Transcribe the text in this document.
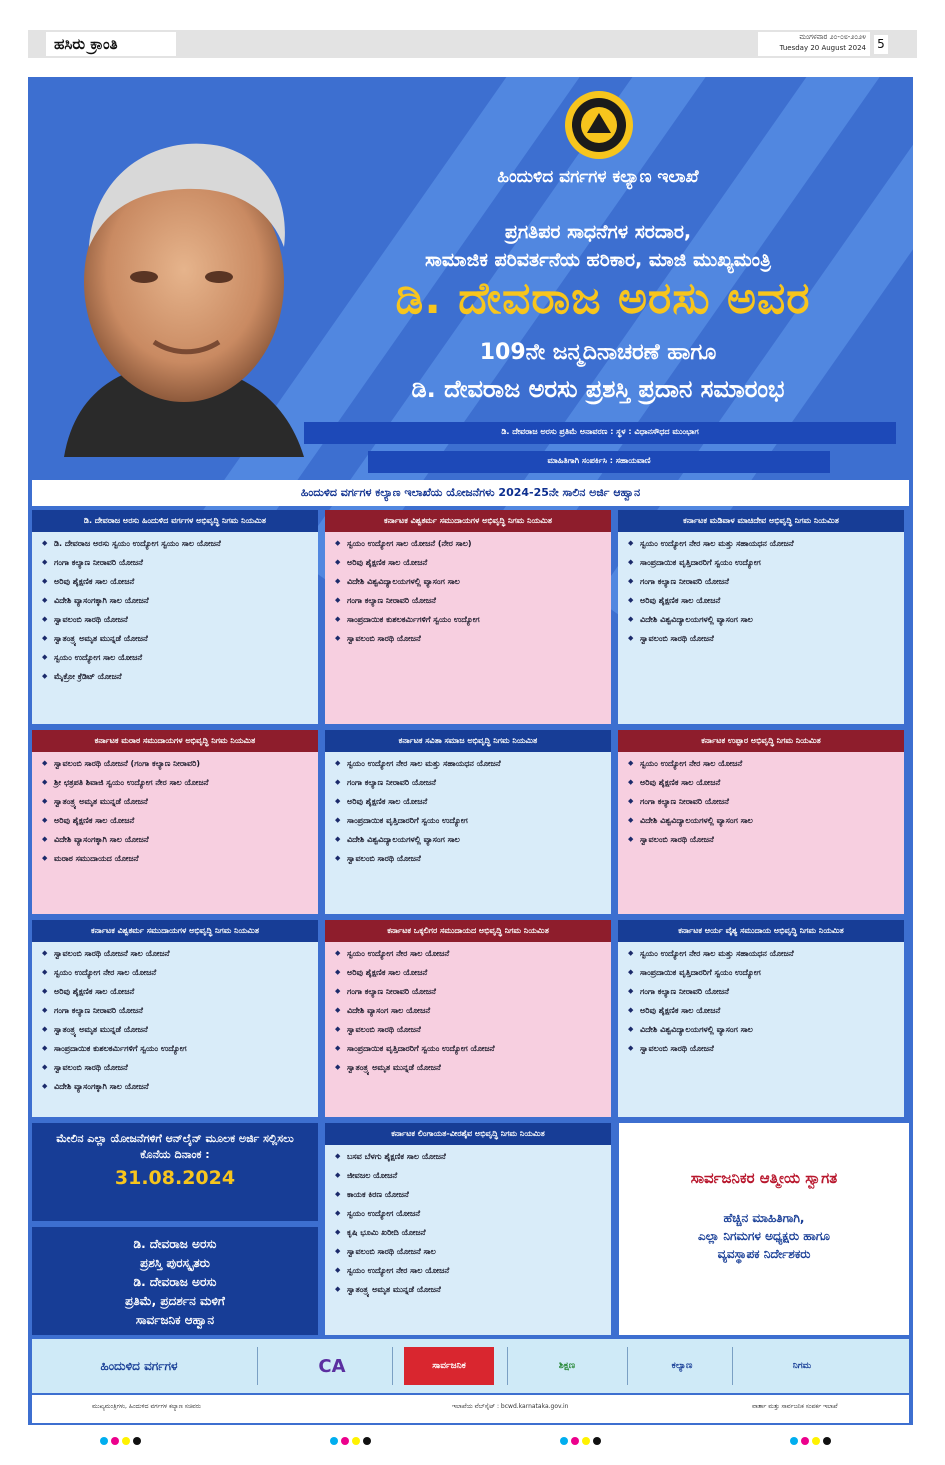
ಹಸಿರು ಕ್ರಾಂತಿ	ಮಂಗಳವಾರ ೨೦-೦೮-೨೦೨೪
Tuesday 20 August 2024 5
ಹಿಂದುಳಿದ ವರ್ಗಗಳ ಕಲ್ಯಾಣ ಇಲಾಖೆ
ಪ್ರಗತಿಪರ ಸಾಧನೆಗಳ ಸರದಾರ,
ಸಾಮಾಜಿಕ ಪರಿವರ್ತನೆಯ ಹರಿಕಾರ, ಮಾಜಿ ಮುಖ್ಯಮಂತ್ರಿ
ಡಿ. ದೇವರಾಜ ಅರಸು ಅವರ
109ನೇ ಜನ್ಮದಿನಾಚರಣೆ ಹಾಗೂ
ಡಿ. ದೇವರಾಜ ಅರಸು ಪ್ರಶಸ್ತಿ ಪ್ರದಾನ ಸಮಾರಂಭ
ಡಿ. ದೇವರಾಜ ಅರಸು ಪ್ರತಿಮೆ ಅನಾವರಣ : ಸ್ಥಳ : ವಿಧಾನಸೌಧದ ಮುಂಭಾಗ
ಮಾಹಿತಿಗಾಗಿ ಸಂಪರ್ಕಿಸಿ : ಸಹಾಯವಾಣಿ
ಹಿಂದುಳಿದ ವರ್ಗಗಳ ಕಲ್ಯಾಣ ಇಲಾಖೆಯ ಯೋಜನೆಗಳು 2024-25ನೇ ಸಾಲಿನ ಅರ್ಜಿ ಆಹ್ವಾನ
ಡಿ. ದೇವರಾಜ ಅರಸು ಹಿಂದುಳಿದ ವರ್ಗಗಳ ಅಭಿವೃದ್ಧಿ ನಿಗಮ ನಿಯಮಿತ
◆ ಡಿ. ದೇವರಾಜ ಅರಸು ಸ್ವಯಂ ಉದ್ಯೋಗ ಸ್ವಯಂ ಸಾಲ ಯೋಜನೆ
◆ ಗಂಗಾ ಕಲ್ಯಾಣ ನೀರಾವರಿ ಯೋಜನೆ
◆ ಅರಿವು ಶೈಕ್ಷಣಿಕ ಸಾಲ ಯೋಜನೆ
◆ ವಿದೇಶಿ ವ್ಯಾಸಂಗಕ್ಕಾಗಿ ಸಾಲ ಯೋಜನೆ
◆ ಸ್ವಾವಲಂಬಿ ಸಾರಥಿ ಯೋಜನೆ
◆ ಸ್ವಾತಂತ್ರ್ಯ ಅಮೃತ ಮುನ್ನಡೆ ಯೋಜನೆ
◆ ಸ್ವಯಂ ಉದ್ಯೋಗ ಸಾಲ ಯೋಜನೆ
◆ ಮೈಕ್ರೋ ಕ್ರೆಡಿಟ್ ಯೋಜನೆ
ಕರ್ನಾಟಕ ವಿಶ್ವಕರ್ಮ ಸಮುದಾಯಗಳ ಅಭಿವೃದ್ಧಿ ನಿಗಮ ನಿಯಮಿತ
◆ ಸ್ವಯಂ ಉದ್ಯೋಗ ಸಾಲ ಯೋಜನೆ (ನೇರ ಸಾಲ)
◆ ಅರಿವು ಶೈಕ್ಷಣಿಕ ಸಾಲ ಯೋಜನೆ
◆ ವಿದೇಶಿ ವಿಶ್ವವಿದ್ಯಾಲಯಗಳಲ್ಲಿ ವ್ಯಾಸಂಗ ಸಾಲ
◆ ಗಂಗಾ ಕಲ್ಯಾಣ ನೀರಾವರಿ ಯೋಜನೆ
◆ ಸಾಂಪ್ರದಾಯಿಕ ಕುಶಲಕರ್ಮಿಗಳಿಗೆ ಸ್ವಯಂ ಉದ್ಯೋಗ
◆ ಸ್ವಾವಲಂಬಿ ಸಾರಥಿ ಯೋಜನೆ
ಕರ್ನಾಟಕ ಮಡಿವಾಳ ಮಾಚಿದೇವ ಅಭಿವೃದ್ಧಿ ನಿಗಮ ನಿಯಮಿತ
◆ ಸ್ವಯಂ ಉದ್ಯೋಗ ನೇರ ಸಾಲ ಮತ್ತು ಸಹಾಯಧನ ಯೋಜನೆ
◆ ಸಾಂಪ್ರದಾಯಿಕ ವೃತ್ತಿದಾರರಿಗೆ ಸ್ವಯಂ ಉದ್ಯೋಗ
◆ ಗಂಗಾ ಕಲ್ಯಾಣ ನೀರಾವರಿ ಯೋಜನೆ
◆ ಅರಿವು ಶೈಕ್ಷಣಿಕ ಸಾಲ ಯೋಜನೆ
◆ ವಿದೇಶಿ ವಿಶ್ವವಿದ್ಯಾಲಯಗಳಲ್ಲಿ ವ್ಯಾಸಂಗ ಸಾಲ
◆ ಸ್ವಾವಲಂಬಿ ಸಾರಥಿ ಯೋಜನೆ
ಕರ್ನಾಟಕ ಮರಾಠ ಸಮುದಾಯಗಳ ಅಭಿವೃದ್ಧಿ ನಿಗಮ ನಿಯಮಿತ
◆ ಸ್ವಾವಲಂಬಿ ಸಾರಥಿ ಯೋಜನೆ (ಗಂಗಾ ಕಲ್ಯಾಣ ನೀರಾವರಿ)
◆ ಶ್ರೀ ಛತ್ರಪತಿ ಶಿವಾಜಿ ಸ್ವಯಂ ಉದ್ಯೋಗ ನೇರ ಸಾಲ ಯೋಜನೆ
◆ ಸ್ವಾತಂತ್ರ್ಯ ಅಮೃತ ಮುನ್ನಡೆ ಯೋಜನೆ
◆ ಅರಿವು ಶೈಕ್ಷಣಿಕ ಸಾಲ ಯೋಜನೆ
◆ ವಿದೇಶಿ ವ್ಯಾಸಂಗಕ್ಕಾಗಿ ಸಾಲ ಯೋಜನೆ
◆ ಮರಾಠ ಸಮುದಾಯದ ಯೋಜನೆ
ಕರ್ನಾಟಕ ಸವಿತಾ ಸಮಾಜ ಅಭಿವೃದ್ಧಿ ನಿಗಮ ನಿಯಮಿತ
◆ ಸ್ವಯಂ ಉದ್ಯೋಗ ನೇರ ಸಾಲ ಮತ್ತು ಸಹಾಯಧನ ಯೋಜನೆ
◆ ಗಂಗಾ ಕಲ್ಯಾಣ ನೀರಾವರಿ ಯೋಜನೆ
◆ ಅರಿವು ಶೈಕ್ಷಣಿಕ ಸಾಲ ಯೋಜನೆ
◆ ಸಾಂಪ್ರದಾಯಿಕ ವೃತ್ತಿದಾರರಿಗೆ ಸ್ವಯಂ ಉದ್ಯೋಗ
◆ ವಿದೇಶಿ ವಿಶ್ವವಿದ್ಯಾಲಯಗಳಲ್ಲಿ ವ್ಯಾಸಂಗ ಸಾಲ
◆ ಸ್ವಾವಲಂಬಿ ಸಾರಥಿ ಯೋಜನೆ
ಕರ್ನಾಟಕ ಉಪ್ಪಾರ ಅಭಿವೃದ್ಧಿ ನಿಗಮ ನಿಯಮಿತ
◆ ಸ್ವಯಂ ಉದ್ಯೋಗ ನೇರ ಸಾಲ ಯೋಜನೆ
◆ ಅರಿವು ಶೈಕ್ಷಣಿಕ ಸಾಲ ಯೋಜನೆ
◆ ಗಂಗಾ ಕಲ್ಯಾಣ ನೀರಾವರಿ ಯೋಜನೆ
◆ ವಿದೇಶಿ ವಿಶ್ವವಿದ್ಯಾಲಯಗಳಲ್ಲಿ ವ್ಯಾಸಂಗ ಸಾಲ
◆ ಸ್ವಾವಲಂಬಿ ಸಾರಥಿ ಯೋಜನೆ
ಕರ್ನಾಟಕ ವಿಶ್ವಕರ್ಮ ಸಮುದಾಯಗಳ ಅಭಿವೃದ್ಧಿ ನಿಗಮ ನಿಯಮಿತ
◆ ಸ್ವಾವಲಂಬಿ ಸಾರಥಿ ಯೋಜನೆ ಸಾಲ ಯೋಜನೆ
◆ ಸ್ವಯಂ ಉದ್ಯೋಗ ನೇರ ಸಾಲ ಯೋಜನೆ
◆ ಅರಿವು ಶೈಕ್ಷಣಿಕ ಸಾಲ ಯೋಜನೆ
◆ ಗಂಗಾ ಕಲ್ಯಾಣ ನೀರಾವರಿ ಯೋಜನೆ
◆ ಸ್ವಾತಂತ್ರ್ಯ ಅಮೃತ ಮುನ್ನಡೆ ಯೋಜನೆ
◆ ಸಾಂಪ್ರದಾಯಿಕ ಕುಶಲಕರ್ಮಿಗಳಿಗೆ ಸ್ವಯಂ ಉದ್ಯೋಗ
◆ ಸ್ವಾವಲಂಬಿ ಸಾರಥಿ ಯೋಜನೆ
◆ ವಿದೇಶಿ ವ್ಯಾಸಂಗಕ್ಕಾಗಿ ಸಾಲ ಯೋಜನೆ
ಕರ್ನಾಟಕ ಒಕ್ಕಲಿಗರ ಸಮುದಾಯದ ಅಭಿವೃದ್ಧಿ ನಿಗಮ ನಿಯಮಿತ
◆ ಸ್ವಯಂ ಉದ್ಯೋಗ ನೇರ ಸಾಲ ಯೋಜನೆ
◆ ಅರಿವು ಶೈಕ್ಷಣಿಕ ಸಾಲ ಯೋಜನೆ
◆ ಗಂಗಾ ಕಲ್ಯಾಣ ನೀರಾವರಿ ಯೋಜನೆ
◆ ವಿದೇಶಿ ವ್ಯಾಸಂಗ ಸಾಲ ಯೋಜನೆ
◆ ಸ್ವಾವಲಂಬಿ ಸಾರಥಿ ಯೋಜನೆ
◆ ಸಾಂಪ್ರದಾಯಿಕ ವೃತ್ತಿದಾರರಿಗೆ ಸ್ವಯಂ ಉದ್ಯೋಗ ಯೋಜನೆ
◆ ಸ್ವಾತಂತ್ರ್ಯ ಅಮೃತ ಮುನ್ನಡೆ ಯೋಜನೆ
ಕರ್ನಾಟಕ ಆರ್ಯ ವೈಶ್ಯ ಸಮುದಾಯ ಅಭಿವೃದ್ಧಿ ನಿಗಮ ನಿಯಮಿತ
◆ ಸ್ವಯಂ ಉದ್ಯೋಗ ನೇರ ಸಾಲ ಮತ್ತು ಸಹಾಯಧನ ಯೋಜನೆ
◆ ಸಾಂಪ್ರದಾಯಿಕ ವೃತ್ತಿದಾರರಿಗೆ ಸ್ವಯಂ ಉದ್ಯೋಗ
◆ ಗಂಗಾ ಕಲ್ಯಾಣ ನೀರಾವರಿ ಯೋಜನೆ
◆ ಅರಿವು ಶೈಕ್ಷಣಿಕ ಸಾಲ ಯೋಜನೆ
◆ ವಿದೇಶಿ ವಿಶ್ವವಿದ್ಯಾಲಯಗಳಲ್ಲಿ ವ್ಯಾಸಂಗ ಸಾಲ
◆ ಸ್ವಾವಲಂಬಿ ಸಾರಥಿ ಯೋಜನೆ
ಮೇಲಿನ ಎಲ್ಲಾ ಯೋಜನೆಗಳಿಗೆ ಆನ್‌ಲೈನ್ ಮೂಲಕ ಅರ್ಜಿ ಸಲ್ಲಿಸಲು ಕೊನೆಯ ದಿನಾಂಕ :
31.08.2024
ಡಿ. ದೇವರಾಜ ಅರಸು
ಪ್ರಶಸ್ತಿ ಪುರಸ್ಕೃತರು
ಡಿ. ದೇವರಾಜ ಅರಸು
ಪ್ರತಿಮೆ, ಪ್ರದರ್ಶನ ಮಳಿಗೆ
ಸಾರ್ವಜನಿಕ ಆಹ್ವಾನ
ಕರ್ನಾಟಕ ಲಿಂಗಾಯತ-ವೀರಶೈವ ಅಭಿವೃದ್ಧಿ ನಿಗಮ ನಿಯಮಿತ
◆ ಬಸವ ಬೆಳಗು ಶೈಕ್ಷಣಿಕ ಸಾಲ ಯೋಜನೆ
◆ ಜೀವಜಲ ಯೋಜನೆ
◆ ಕಾಯಕ ಕಿರಣ ಯೋಜನೆ
◆ ಸ್ವಯಂ ಉದ್ಯೋಗ ಯೋಜನೆ
◆ ಕೃಷಿ ಭೂಮಿ ಖರೀದಿ ಯೋಜನೆ
◆ ಸ್ವಾವಲಂಬಿ ಸಾರಥಿ ಯೋಜನೆ ಸಾಲ
◆ ಸ್ವಯಂ ಉದ್ಯೋಗ ನೇರ ಸಾಲ ಯೋಜನೆ
◆ ಸ್ವಾತಂತ್ರ್ಯ ಅಮೃತ ಮುನ್ನಡೆ ಯೋಜನೆ
ಸಾರ್ವಜನಿಕರ ಆತ್ಮೀಯ ಸ್ವಾಗತ
ಹೆಚ್ಚಿನ ಮಾಹಿತಿಗಾಗಿ,
ಎಲ್ಲಾ ನಿಗಮಗಳ ಅಧ್ಯಕ್ಷರು ಹಾಗೂ
ವ್ಯವಸ್ಥಾಪಕ ನಿರ್ದೇಶಕರು
ಹಿಂದುಳಿದ ವರ್ಗಗಳ	CA	ಸಾರ್ವಜನಿಕ	ಶಿಕ್ಷಣ	ಕಲ್ಯಾಣ	ನಿಗಮ
ಮುಖ್ಯಮಂತ್ರಿಗಳು, ಹಿಂದುಳಿದ ವರ್ಗಗಳ ಕಲ್ಯಾಣ ಸಚಿವರು	ಇಲಾಖೆಯ ವೆಬ್‌ಸೈಟ್ : bcwd.karnataka.gov.in	ವಾರ್ತಾ ಮತ್ತು ಸಾರ್ವಜನಿಕ ಸಂಪರ್ಕ ಇಲಾಖೆ
